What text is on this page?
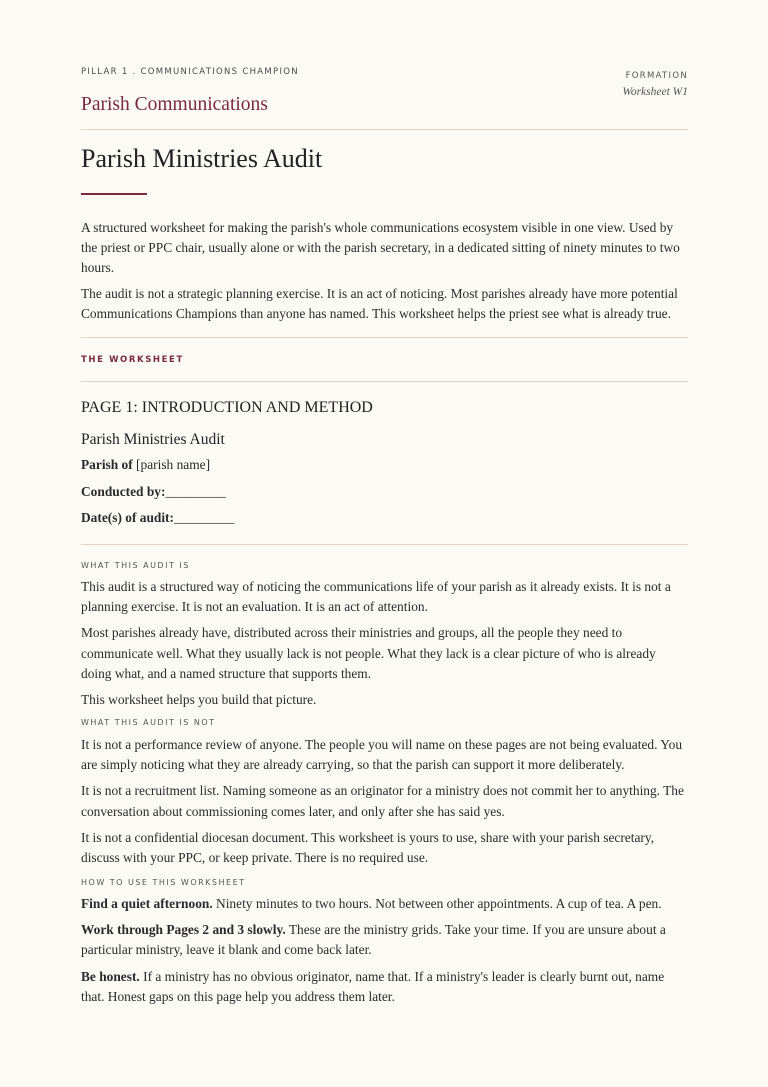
PILLAR 1 . COMMUNICATIONS CHAMPION
Parish Communications
FORMATION
Worksheet W1
Parish Ministries Audit

A structured worksheet for making the parish's whole communications ecosystem visible in one view. Used by the priest or PPC chair, usually alone or with the parish secretary, in a dedicated sitting of ninety minutes to two hours.

The audit is not a strategic planning exercise. It is an act of noticing. Most parishes already have more potential Communications Champions than anyone has named. This worksheet helps the priest see what is already true.

THE WORKSHEET
PAGE 1: INTRODUCTION AND METHOD
Parish Ministries Audit
Parish of [parish name]
Conducted by:_________
Date(s) of audit:_________
WHAT THIS AUDIT IS

This audit is a structured way of noticing the communications life of your parish as it already exists. It is not a planning exercise. It is not an evaluation. It is an act of attention.

Most parishes already have, distributed across their ministries and groups, all the people they need to communicate well. What they usually lack is not people. What they lack is a clear picture of who is already doing what, and a named structure that supports them.

This worksheet helps you build that picture.

WHAT THIS AUDIT IS NOT

It is not a performance review of anyone. The people you will name on these pages are not being evaluated. You are simply noticing what they are already carrying, so that the parish can support it more deliberately.

It is not a recruitment list. Naming someone as an originator for a ministry does not commit her to anything. The conversation about commissioning comes later, and only after she has said yes.

It is not a confidential diocesan document. This worksheet is yours to use, share with your parish secretary, discuss with your PPC, or keep private. There is no required use.

HOW TO USE THIS WORKSHEET

Find a quiet afternoon. Ninety minutes to two hours. Not between other appointments. A cup of tea. A pen.

Work through Pages 2 and 3 slowly. These are the ministry grids. Take your time. If you are unsure about a particular ministry, leave it blank and come back later.

Be honest. If a ministry has no obvious originator, name that. If a ministry's leader is clearly burnt out, name that. Honest gaps on this page help you address them later.
